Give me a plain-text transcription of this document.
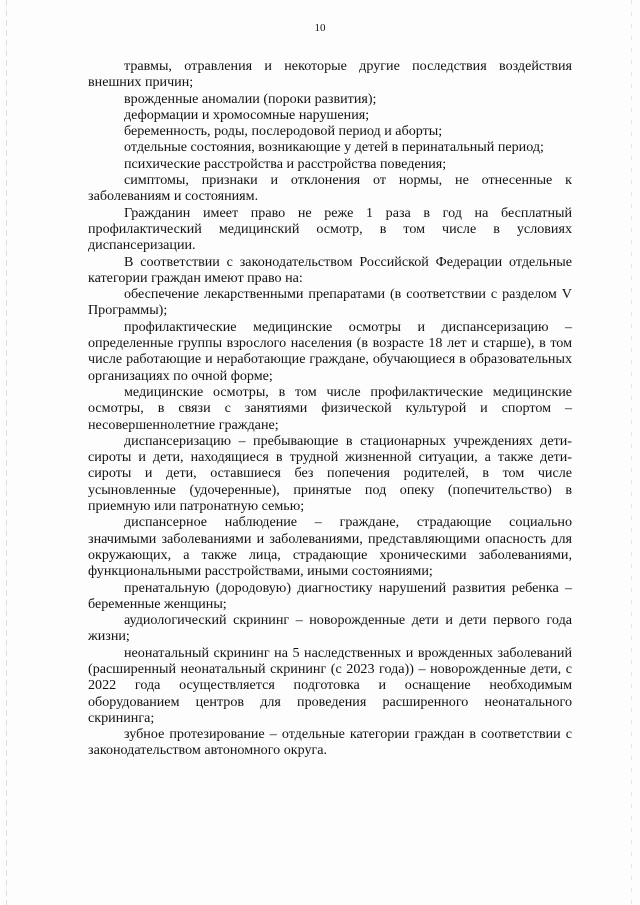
10

травмы, отравления и некоторые другие последствия воздействия внешних причин;

врожденные аномалии (пороки развития);

деформации и хромосомные нарушения;

беременность, роды, послеродовой период и аборты;

отдельные состояния, возникающие у детей в перинатальный период;

психические расстройства и расстройства поведения;

симптомы, признаки и отклонения от нормы, не отнесенные к заболеваниям и состояниям.

Гражданин имеет право не реже 1 раза в год на бесплатный профилактический медицинский осмотр, в том числе в условиях диспансеризации.

В соответствии с законодательством Российской Федерации отдельные категории граждан имеют право на:

обеспечение лекарственными препаратами (в соответствии с разделом V Программы);

профилактические медицинские осмотры и диспансеризацию – определенные группы взрослого населения (в возрасте 18 лет и старше), в том числе работающие и неработающие граждане, обучающиеся в образовательных организациях по очной форме;

медицинские осмотры, в том числе профилактические медицинские осмотры, в связи с занятиями физической культурой и спортом – несовершеннолетние граждане;

диспансеризацию – пребывающие в стационарных учреждениях дети-сироты и дети, находящиеся в трудной жизненной ситуации, а также дети-сироты и дети, оставшиеся без попечения родителей, в том числе усыновленные (удочеренные), принятые под опеку (попечительство) в приемную или патронатную семью;

диспансерное наблюдение – граждане, страдающие социально значимыми заболеваниями и заболеваниями, представляющими опасность для окружающих, а также лица, страдающие хроническими заболеваниями, функциональными расстройствами, иными состояниями;

пренатальную (дородовую) диагностику нарушений развития ребенка – беременные женщины;

аудиологический скрининг – новорожденные дети и дети первого года жизни;

неонатальный скрининг на 5 наследственных и врожденных заболеваний (расширенный неонатальный скрининг (с 2023 года)) – новорожденные дети, с 2022 года осуществляется подготовка и оснащение необходимым оборудованием центров для проведения расширенного неонатального скрининга;

зубное протезирование – отдельные категории граждан в соответствии с законодательством автономного округа.
